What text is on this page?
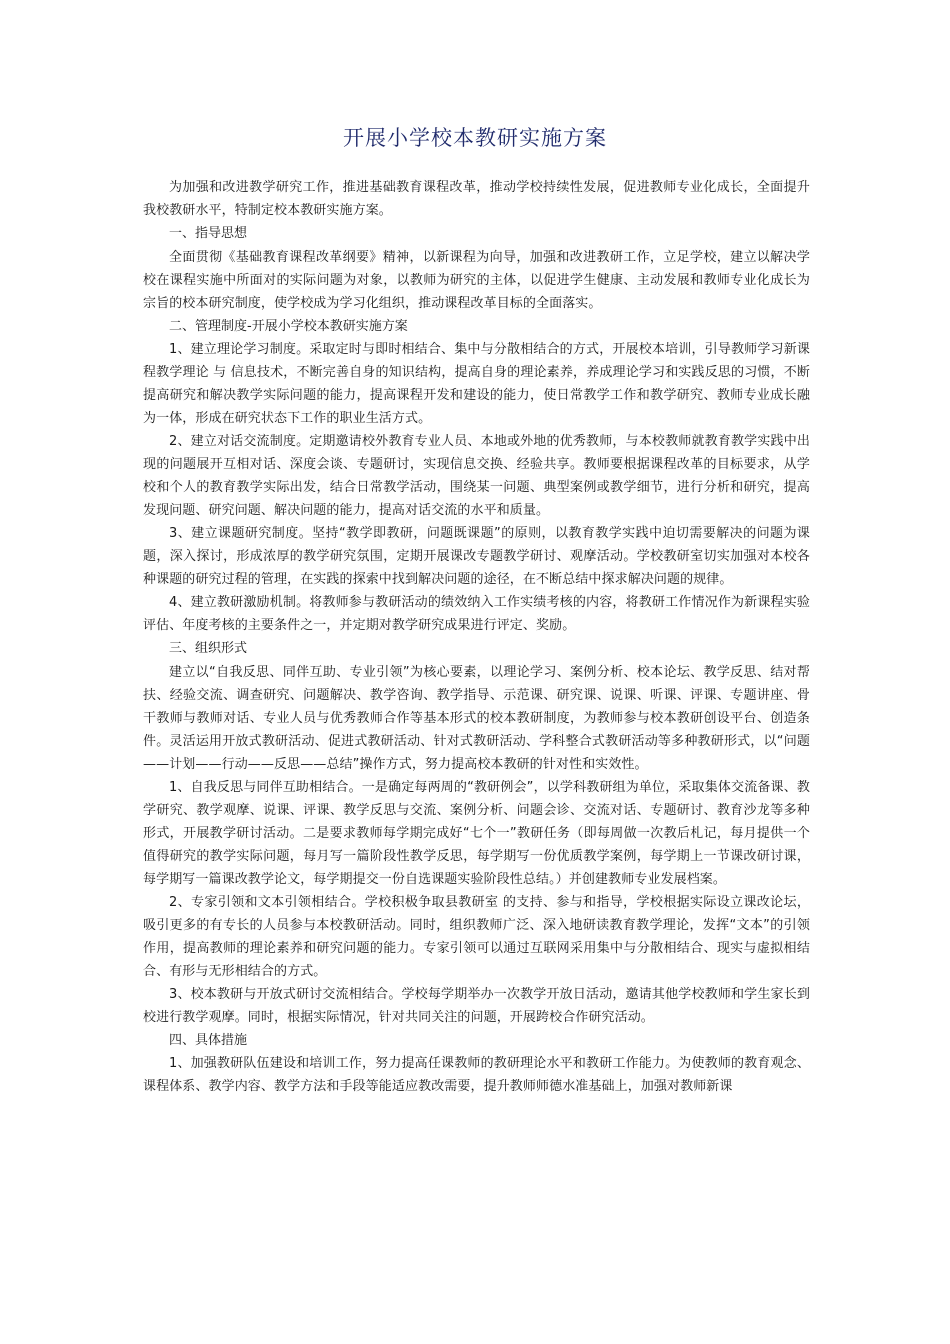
开展小学校本教研实施方案

为加强和改进教学研究工作，推进基础教育课程改革，推动学校持续性发展，促进教师专业化成长，全面提升我校教研水平，特制定校本教研实施方案。

一、指导思想

全面贯彻《基础教育课程改革纲要》精神，以新课程为向导，加强和改进教研工作，立足学校，建立以解决学校在课程实施中所面对的实际问题为对象，以教师为研究的主体，以促进学生健康、主动发展和教师专业化成长为宗旨的校本研究制度，使学校成为学习化组织，推动课程改革目标的全面落实。

二、管理制度-开展小学校本教研实施方案

1、建立理论学习制度。采取定时与即时相结合、集中与分散相结合的方式，开展校本培训，引导教师学习新课程教学理论 与 信息技术，不断完善自身的知识结构，提高自身的理论素养，养成理论学习和实践反思的习惯，不断提高研究和解决教学实际问题的能力，提高课程开发和建设的能力，使日常教学工作和教学研究、教师专业成长融为一体，形成在研究状态下工作的职业生活方式。

2、建立对话交流制度。定期邀请校外教育专业人员、本地或外地的优秀教师，与本校教师就教育教学实践中出现的问题展开互相对话、深度会谈、专题研讨，实现信息交换、经验共享。教师要根据课程改革的目标要求，从学校和个人的教育教学实际出发，结合日常教学活动，围绕某一问题、典型案例或教学细节，进行分析和研究，提高发现问题、研究问题、解决问题的能力，提高对话交流的水平和质量。

3、建立课题研究制度。坚持“教学即教研，问题既课题”的原则，以教育教学实践中迫切需要解决的问题为课题，深入探讨，形成浓厚的教学研究氛围，定期开展课改专题教学研讨、观摩活动。学校教研室切实加强对本校各种课题的研究过程的管理，在实践的探索中找到解决问题的途径，在不断总结中探求解决问题的规律。

4、建立教研激励机制。将教师参与教研活动的绩效纳入工作实绩考核的内容，将教研工作情况作为新课程实验评估、年度考核的主要条件之一，并定期对教学研究成果进行评定、奖励。

三、组织形式

建立以“自我反思、同伴互助、专业引领”为核心要素，以理论学习、案例分析、校本论坛、教学反思、结对帮扶、经验交流、调查研究、问题解决、教学咨询、教学指导、示范课、研究课、说课、听课、评课、专题讲座、骨干教师与教师对话、专业人员与优秀教师合作等基本形式的校本教研制度，为教师参与校本教研创设平台、创造条件。灵活运用开放式教研活动、促进式教研活动、针对式教研活动、学科整合式教研活动等多种教研形式，以“问题——计划——行动——反思——总结”操作方式，努力提高校本教研的针对性和实效性。

1、自我反思与同伴互助相结合。一是确定每两周的“教研例会”，以学科教研组为单位，采取集体交流备课、教学研究、教学观摩、说课、评课、教学反思与交流、案例分析、问题会诊、交流对话、专题研讨、教育沙龙等多种形式，开展教学研讨活动。二是要求教师每学期完成好“七个一”教研任务（即每周做一次教后札记，每月提供一个值得研究的教学实际问题，每月写一篇阶段性教学反思，每学期写一份优质教学案例，每学期上一节课改研讨课，每学期写一篇课改教学论文，每学期提交一份自选课题实验阶段性总结。）并创建教师专业发展档案。

2、专家引领和文本引领相结合。学校积极争取县教研室 的支持、参与和指导，学校根据实际设立课改论坛，吸引更多的有专长的人员参与本校教研活动。同时，组织教师广泛、深入地研读教育教学理论，发挥“文本”的引领作用，提高教师的理论素养和研究问题的能力。专家引领可以通过互联网采用集中与分散相结合、现实与虚拟相结合、有形与无形相结合的方式。

3、校本教研与开放式研讨交流相结合。学校每学期举办一次教学开放日活动，邀请其他学校教师和学生家长到校进行教学观摩。同时，根据实际情况，针对共同关注的问题，开展跨校合作研究活动。

四、具体措施

1、加强教研队伍建设和培训工作，努力提高任课教师的教研理论水平和教研工作能力。为使教师的教育观念、课程体系、教学内容、教学方法和手段等能适应教改需要，提升教师师德水准基础上，加强对教师新课
